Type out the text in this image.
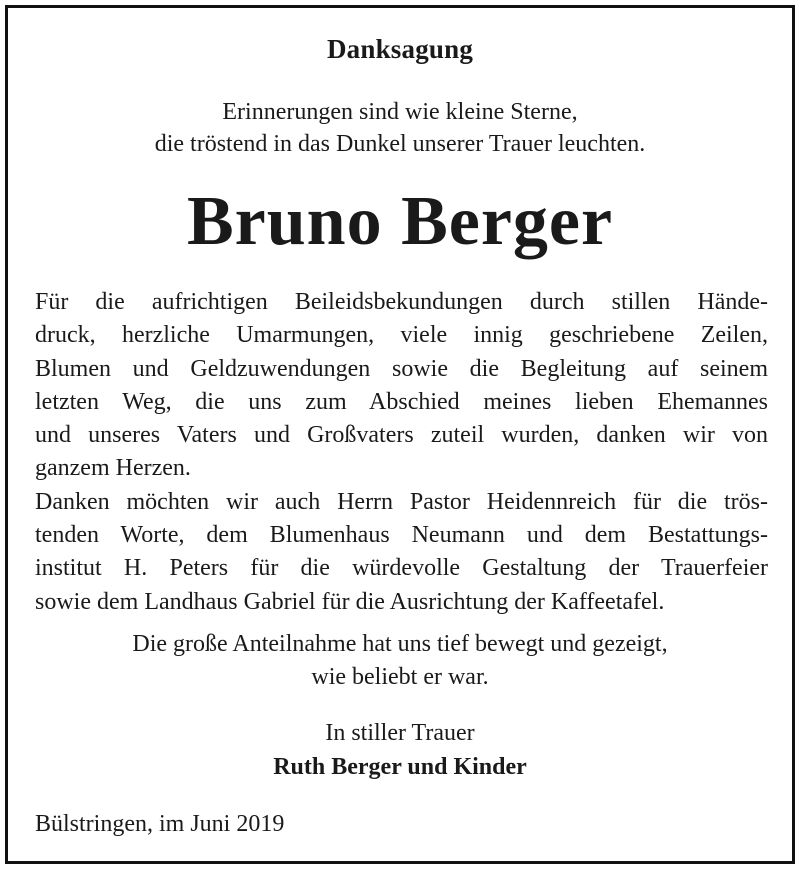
Danksagung
Erinnerungen sind wie kleine Sterne,
die tröstend in das Dunkel unserer Trauer leuchten.
Bruno Berger
Für die aufrichtigen Beileidsbekundungen durch stillen Hände-
druck, herzliche Umarmungen, viele innig geschriebene Zeilen,
Blumen und Geldzuwendungen sowie die Begleitung auf seinem
letzten Weg, die uns zum Abschied meines lieben Ehemannes
und unseres Vaters und Großvaters zuteil wurden, danken wir von
ganzem Herzen.
Danken möchten wir auch Herrn Pastor Heidennreich für die trös-
tenden Worte, dem Blumenhaus Neumann und dem Bestattungs-
institut H. Peters für die würdevolle Gestaltung der Trauerfeier
sowie dem Landhaus Gabriel für die Ausrichtung der Kaffeetafel.
Die große Anteilnahme hat uns tief bewegt und gezeigt,
wie beliebt er war.
In stiller Trauer
Ruth Berger und Kinder
Bülstringen, im Juni 2019
